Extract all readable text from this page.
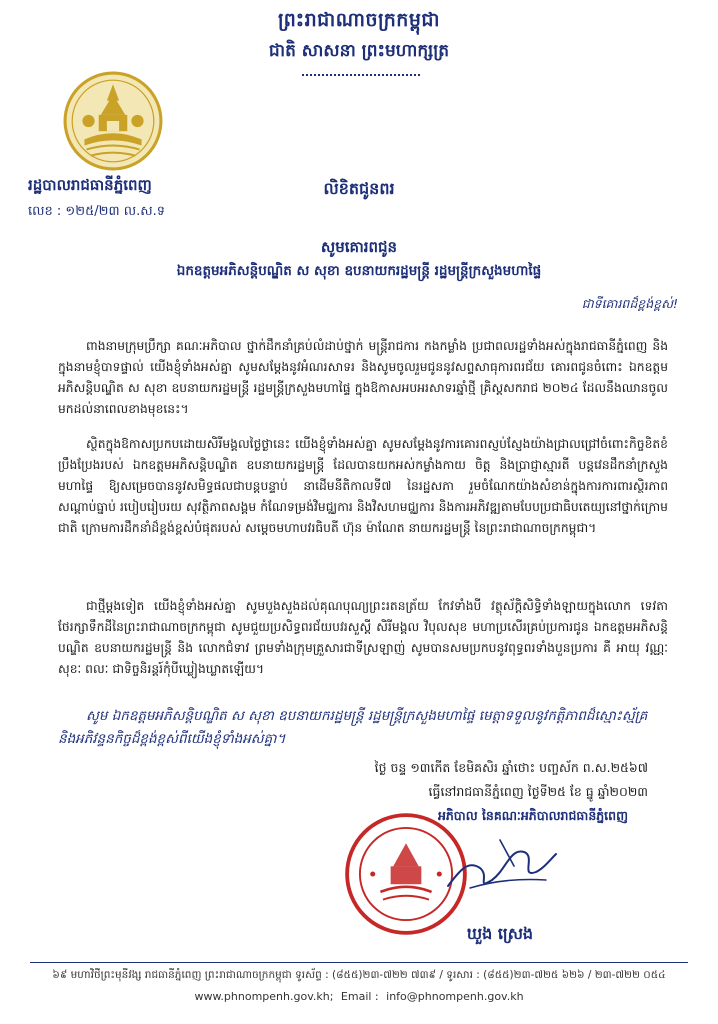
ព្រះរាជាណាចក្រកម្ពុជា
ជាតិ សាសនា ព្រះមហាក្សត្រ
រដ្ឋបាលរាជធានីភ្នំពេញ
លេខ : ១២៥/២៣ ល.ស.ទ
លិខិតជូនពរ
សូមគោរពជូន
ឯកឧត្តមអភិសន្តិបណ្ឌិត ស សុខា ឧបនាយករដ្ឋមន្ត្រី រដ្ឋមន្ត្រីក្រសួងមហាផ្ទៃ
ជាទីគោរពដ៏ខ្ពង់ខ្ពស់!
ពាងនាមក្រុមប្រឹក្សា គណៈអភិបាល ថ្នាក់ដឹកនាំគ្រប់លំដាប់ថ្នាក់ មន្ត្រីរាជការ កងកម្លាំង ប្រជាពលរដ្ឋទាំងអស់ក្នុងរាជធានីភ្នំពេញ និងក្នុងនាមខ្ញុំបាទផ្ទាល់ យើងខ្ញុំទាំងអស់គ្នា សូមសម្តែងនូវអំណរសាទរ និងសូមចូលរួមជូននូវសព្ទសាធុការពរជ័យ គោរពជូនចំពោះ ឯកឧត្តមអភិសន្តិបណ្ឌិត ស សុខា ឧបនាយករដ្ឋមន្ត្រី រដ្ឋមន្ត្រីក្រសួងមហាផ្ទៃ ក្នុងឱកាសអបអរសាទរឆ្នាំថ្មី គ្រិស្តសករាជ ២០២៤ ដែលនឹងឈានចូលមកដល់នាពេលខាងមុខនេះ។
ស្ថិតក្នុងឱកាសប្រកបដោយសិរីមង្គលថ្ងៃថ្ងានេះ យើងខ្ញុំទាំងអស់គ្នា សូមសម្តែងនូវការគោរពស្ញប់ស្ញែងយ៉ាងជ្រាលជ្រៅចំពោះកិច្ចខិតខំប្រឹងប្រែងរបស់ ឯកឧត្តមអភិសន្តិបណ្ឌិត ឧបនាយករដ្ឋមន្ត្រី ដែលបានយកអស់កម្លាំងកាយ ចិត្ត និងប្រាជ្ញាស្មារតី បន្តវេនដឹកនាំក្រសួងមហាផ្ទៃ ឱ្យសម្រេចបាននូវសមិទ្ធផលជាបន្តបន្ទាប់ នាដើមនីតិកាលទី៧ នៃរដ្ឋសភា រួមចំណែកយ៉ាងសំខាន់ក្នុងការការពារស្ថិរភាព សណ្តាប់ធ្នាប់ របៀបរៀបរយ សុវត្ថិភាពសង្គម កំណែទម្រង់វិមជ្ឈការ និងវិសហមជ្ឈការ និងការអភិវឌ្ឍតាមបែបប្រជាធិបតេយ្យនៅថ្នាក់ក្រោមជាតិ ក្រោមការដឹកនាំដ៏ខ្ពង់ខ្ពស់បំផុតរបស់ សម្តេចមហាបវរធិបតី ហ៊ុន ម៉ាណែត នាយករដ្ឋមន្ត្រី នៃព្រះរាជាណាចក្រកម្ពុជា។
ជាថ្មីម្តងទៀត យើងខ្ញុំទាំងអស់គ្នា សូមបួងសួងដល់គុណបុណ្យព្រះរតនត្រ័យ កែវទាំងបី វត្ថុស័ក្តិសិទ្ធិទាំងឡាយក្នុងលោក ទេវតាថែរក្សាទឹកដីនៃព្រះរាជាណាចក្រកម្ពុជា សូមជួយប្រសិទ្ធពរជ័យបវរសួស្តី សិរីមង្គល វិបុលសុខ មហាប្រសើរគ្រប់ប្រការជូន ឯកឧត្តមអភិសន្តិបណ្ឌិត ឧបនាយករដ្ឋមន្ត្រី និង លោកជំទាវ ព្រមទាំងក្រុមគ្រួសារជាទីស្រឡាញ់ សូមបានសមប្រកបនូវពុទ្ធពរទាំងបួនប្រការ គឺ អាយុ វណ្ណៈ សុខៈ ពលៈ ជាទិច្ចនិរន្តរ៍កុំបីឃ្លៀងឃ្លាតឡើយ។
សូម ឯកឧត្តមអភិសន្តិបណ្ឌិត ស សុខា ឧបនាយករដ្ឋមន្ត្រី រដ្ឋមន្ត្រីក្រសួងមហាផ្ទៃ មេត្តាទទួលនូវកត្តិភាពដ៏ស្មោះស្ម័គ្រ និងអភិវន្ទនកិច្ចដ៏ខ្ពង់ខ្ពស់ពីយើងខ្ញុំទាំងអស់គ្នា។
ថ្ងៃ ចន្ទ ១៣កើត ខែមិគសិរ ឆ្នាំថោះ បញ្ចស័ក ព.ស.២៥៦៧
ធ្វើនៅរាជធានីភ្នំពេញ ថ្ងៃទី២៥ ខែ ធ្នូ ឆ្នាំ២០២៣
អភិបាល នៃគណៈអភិបាលរាជធានីភ្នំពេញ
ឃួង ស្រេង
៦៩ មហាវិថីព្រះមុនីវង្ស រាជធានីភ្នំពេញ ព្រះរាជាណាចក្រកម្ពុជា ទូរស័ព្ទ : (៨៥៥)២៣-៧២២ ៧៣៩ / ទូរសារ : (៨៥៥)២៣-៧២៥ ៦២៦ / ២៣-៧២២ ០៥៤
www.phnompenh.gov.kh; Email : info@phnompenh.gov.kh
